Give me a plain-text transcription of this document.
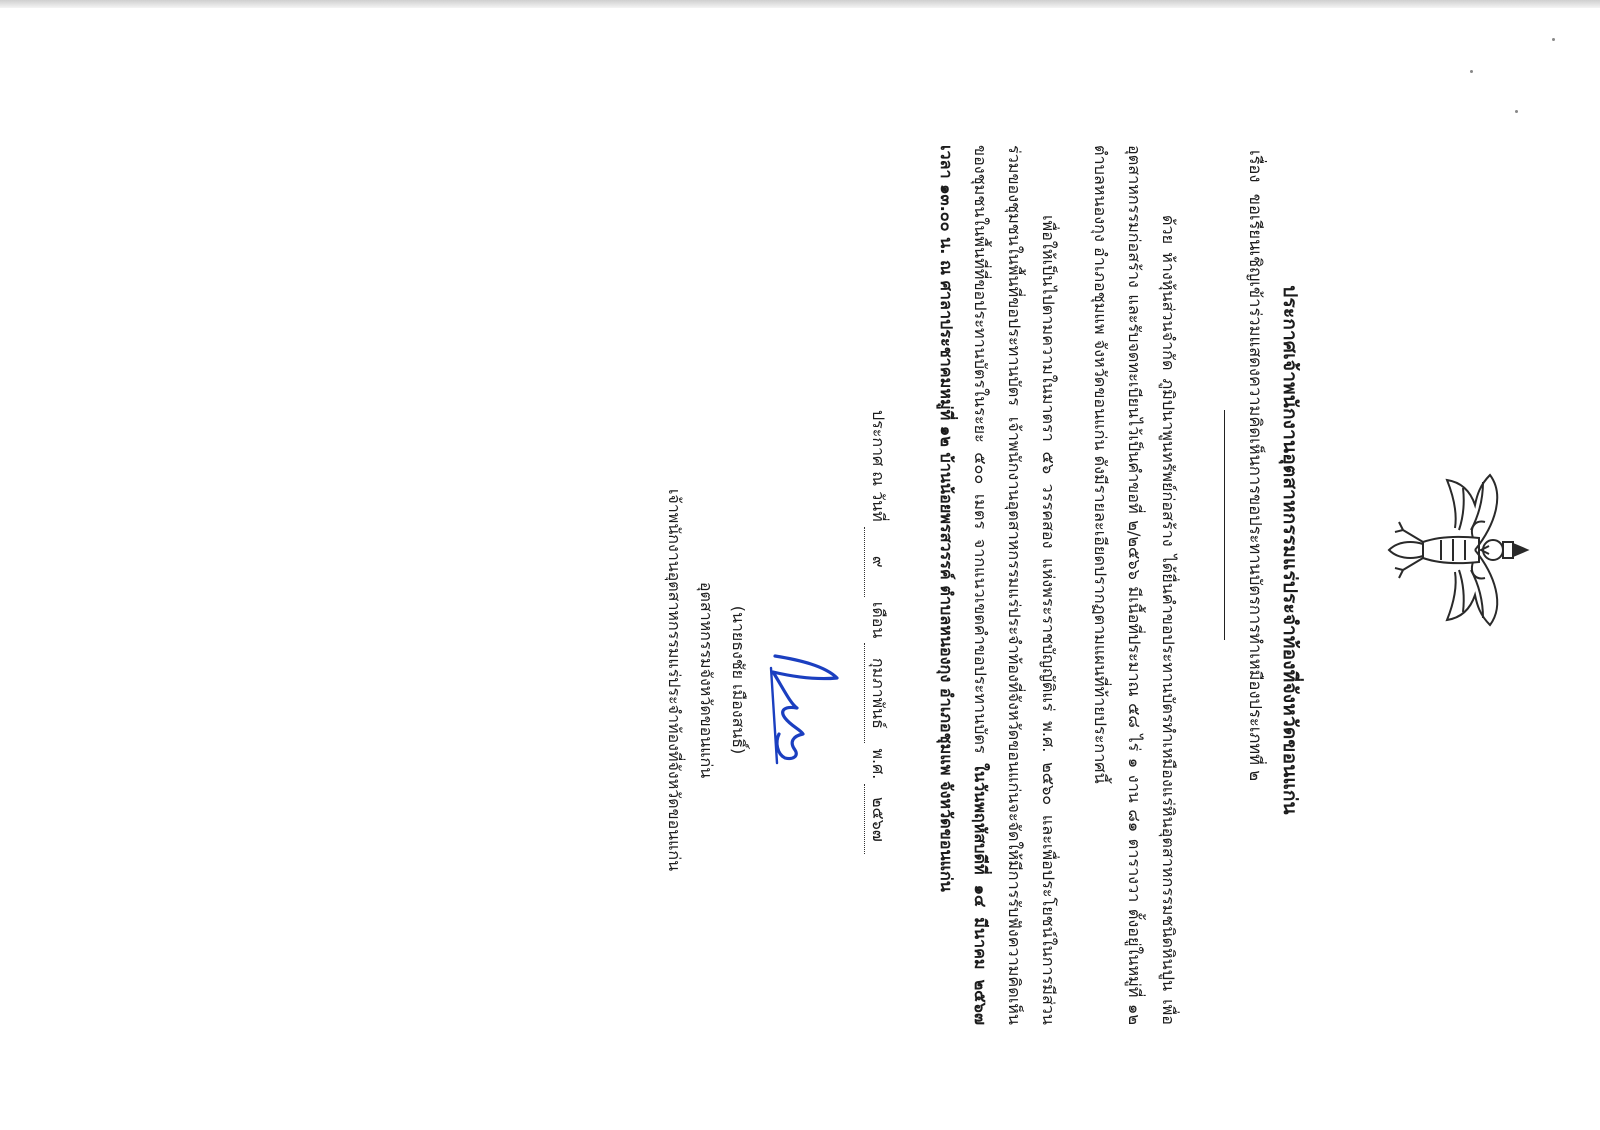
ประกาศเจ้าพนักงานอุตสาหกรรมแร่ประจำท้องที่จังหวัดขอนแก่น
เรื่อง ขอเรียนเชิญเข้าร่วมแสดงความคิดเห็นการขอประทานบัตรการทำเหมืองประเภทที่ ๒

ด้วย ห้างหุ้นส่วนจำกัด ภูมิปนาพูนทรัพย์ก่อสร้าง ได้ยื่นคำขอประทานบัตรทำเหมืองแร่หินอุตสาหกรรมชนิดหินปูน เพื่ออุตสาหกรรมก่อสร้าง และรับจดทะเบียนไว้เป็นคำขอที่ ๒/๒๕๖๖ มีเนื้อที่ประมาณ ๕๘ ไร่ ๑ งาน ๘๑ ตารางวา ตั้งอยู่ในหมู่ที่ ๑๒ ตำบลหนองกุง อำเภอชุมแพ จังหวัดขอนแก่น ดังมีรายละเอียดปรากฏตามแผนที่ท้ายประกาศนี้

เพื่อให้เป็นไปตามความในมาตรา ๕๖ วรรคสอง แห่งพระราชบัญญัติแร่ พ.ศ. ๒๕๖๐ และเพื่อประโยชน์ในการมีส่วนร่วมของชุมชนในพื้นที่ขอประทานบัตร เจ้าพนักงานอุตสาหกรรมแร่ประจำท้องที่จังหวัดขอนแก่นจะจัดให้มีการรับฟังความคิดเห็นของชุมชนในพื้นที่ที่ขอประทานบัตรในระยะ ๕๐๐ เมตร จากแนวเขตคำขอประทานบัตร ในวันพฤหัสบดีที่ ๑๔ มีนาคม ๒๕๖๗ เวลา ๑๓.๐๐ น. ณ ศาลาประชาคมหมู่ที่ ๑๒ บ้านน้อยพรสวรรค์ ตำบลหนองกุง อำเภอชุมแพ จังหวัดขอนแก่น

ประกาศ ณ วันที่ ๙ เดือน กุมภาพันธ์ พ.ศ. ๒๕๖๗
(นายธงชัย เมืองสนธิ์)
อุตสาหกรรมจังหวัดขอนแก่น
เจ้าพนักงานอุตสาหกรรมแร่ประจำท้องที่จังหวัดขอนแก่น
